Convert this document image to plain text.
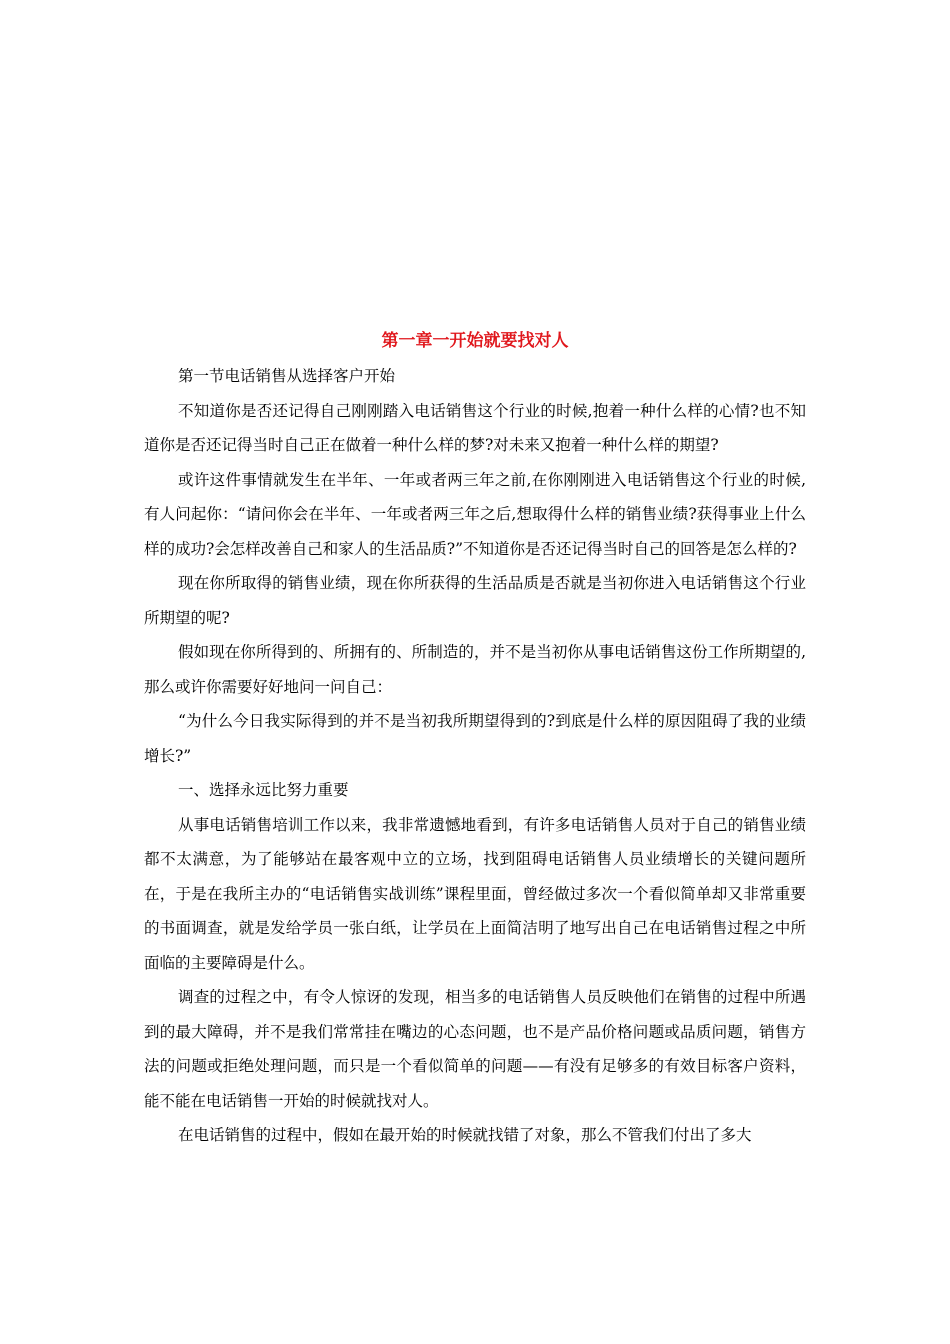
第一章一开始就要找对人

第一节电话销售从选择客户开始

不知道你是否还记得自己刚刚踏入电话销售这个行业的时候,抱着一种什么样的心情?也不知道你是否还记得当时自己正在做着一种什么样的梦?对未来又抱着一种什么样的期望?

或许这件事情就发生在半年、一年或者两三年之前,在你刚刚进入电话销售这个行业的时候,有人问起你：“请问你会在半年、一年或者两三年之后,想取得什么样的销售业绩?获得事业上什么样的成功?会怎样改善自己和家人的生活品质?”不知道你是否还记得当时自己的回答是怎么样的?

现在你所取得的销售业绩，现在你所获得的生活品质是否就是当初你进入电话销售这个行业所期望的呢?

假如现在你所得到的、所拥有的、所制造的，并不是当初你从事电话销售这份工作所期望的,那么或许你需要好好地问一问自己：

“为什么今日我实际得到的并不是当初我所期望得到的?到底是什么样的原因阻碍了我的业绩增长?”

一、选择永远比努力重要

从事电话销售培训工作以来，我非常遗憾地看到，有许多电话销售人员对于自己的销售业绩都不太满意，为了能够站在最客观中立的立场，找到阻碍电话销售人员业绩增长的关键问题所在，于是在我所主办的“电话销售实战训练”课程里面，曾经做过多次一个看似简单却又非常重要的书面调查，就是发给学员一张白纸，让学员在上面简洁明了地写出自己在电话销售过程之中所面临的主要障碍是什么。

调查的过程之中，有令人惊讶的发现，相当多的电话销售人员反映他们在销售的过程中所遇到的最大障碍，并不是我们常常挂在嘴边的心态问题，也不是产品价格问题或品质问题，销售方法的问题或拒绝处理问题，而只是一个看似简单的问题——有没有足够多的有效目标客户资料，能不能在电话销售一开始的时候就找对人。

在电话销售的过程中，假如在最开始的时候就找错了对象，那么不管我们付出了多大
